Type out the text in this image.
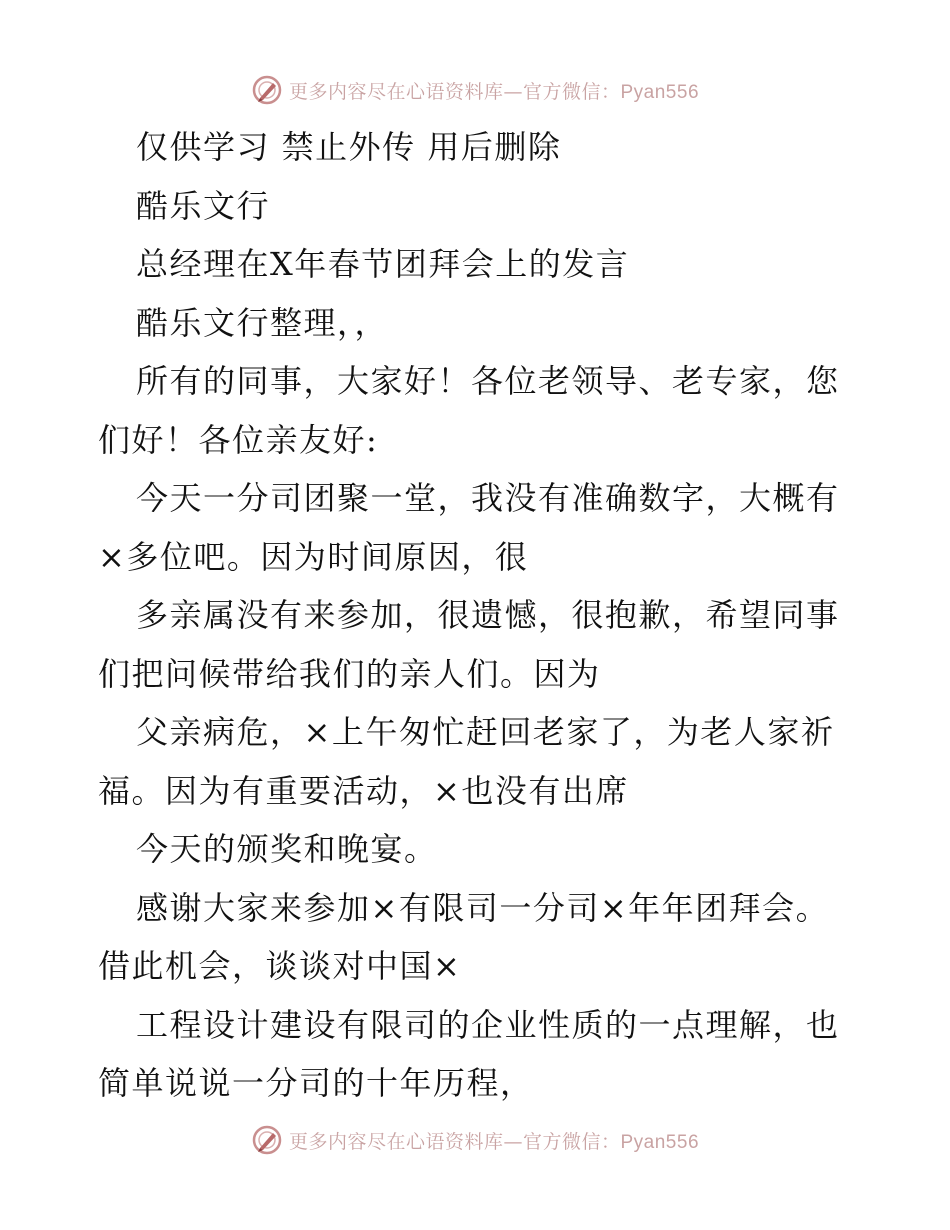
更多内容尽在心语资料库—官方微信：Pyan556

仅供学习 禁止外传 用后删除

酷乐文行

总经理在X年春节团拜会上的发言

酷乐文行整理，，

所有的同事，大家好！各位老领导、老专家，您

们好！各位亲友好:

今天一分司团聚一堂，我没有准确数字，大概有

×多位吧。因为时间原因，很

多亲属没有来参加，很遗憾，很抱歉，希望同事

们把问候带给我们的亲人们。因为

父亲病危，×上午匆忙赶回老家了，为老人家祈

福。因为有重要活动，×也没有出席

今天的颁奖和晚宴。

感谢大家来参加×有限司一分司×年年团拜会。

借此机会，谈谈对中国×

工程设计建设有限司的企业性质的一点理解，也

简单说说一分司的十年历程，

更多内容尽在心语资料库—官方微信：Pyan556
